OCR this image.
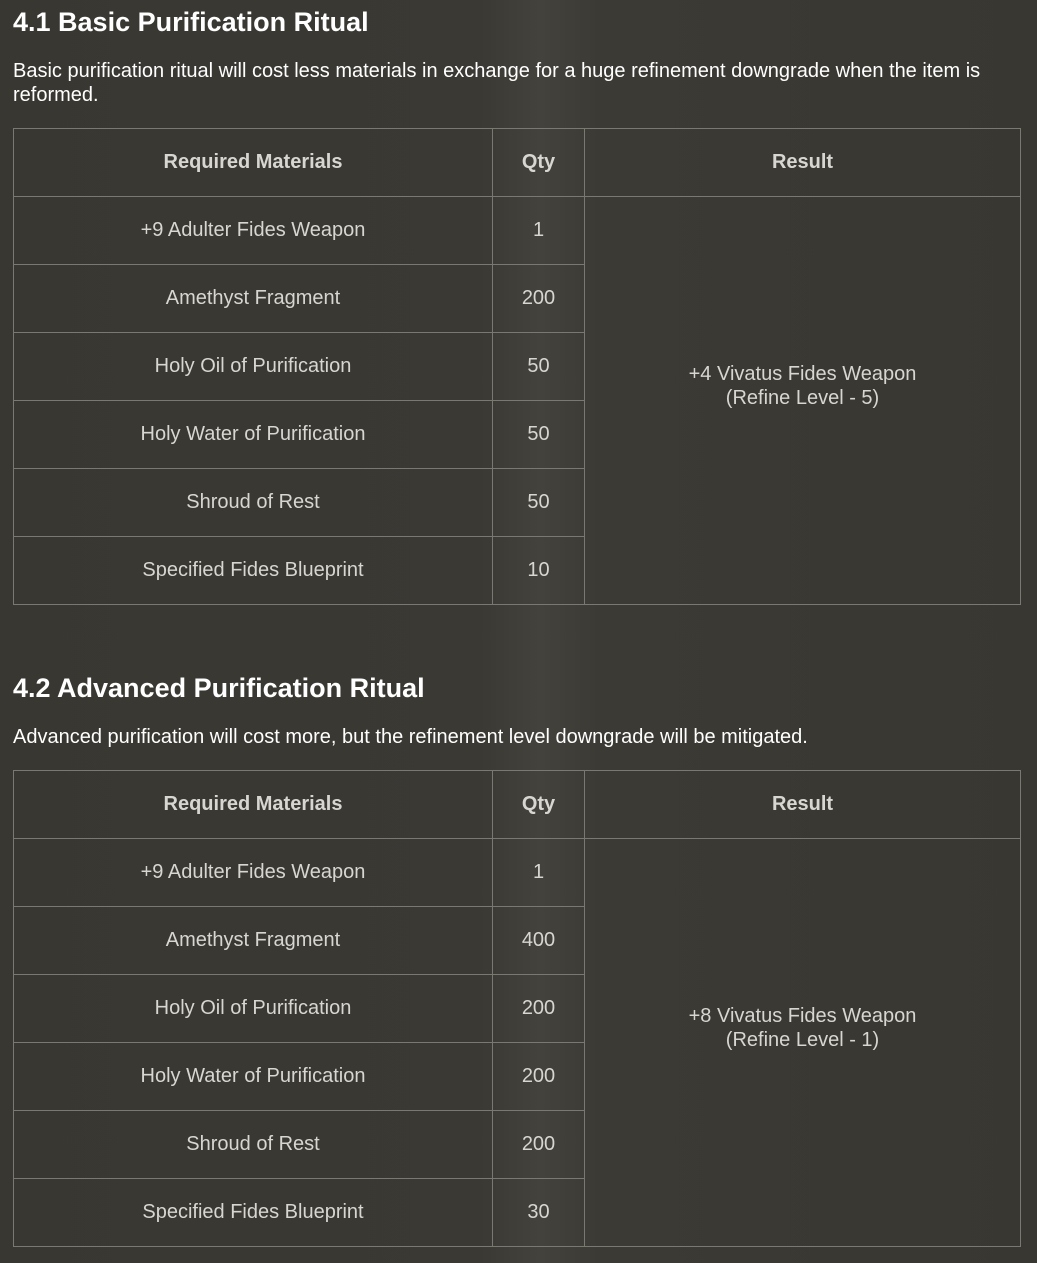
4.1 Basic Purification Ritual

Basic purification ritual will cost less materials in exchange for a huge refinement downgrade when the item is reformed.

Required Materials	Qty	Result
+9 Adulter Fides Weapon	1	+4 Vivatus Fides Weapon
(Refine Level - 5)

Amethyst Fragment	200	
Holy Oil of Purification	50	
Holy Water of Purification	50	
Shroud of Rest	50	
Specified Fides Blueprint	10	
4.2 Advanced Purification Ritual

Advanced purification will cost more, but the refinement level downgrade will be mitigated.

Required Materials	Qty	Result
+9 Adulter Fides Weapon	1	+8 Vivatus Fides Weapon
(Refine Level - 1)

Amethyst Fragment	400	
Holy Oil of Purification	200	
Holy Water of Purification	200	
Shroud of Rest	200	
Specified Fides Blueprint	30	
